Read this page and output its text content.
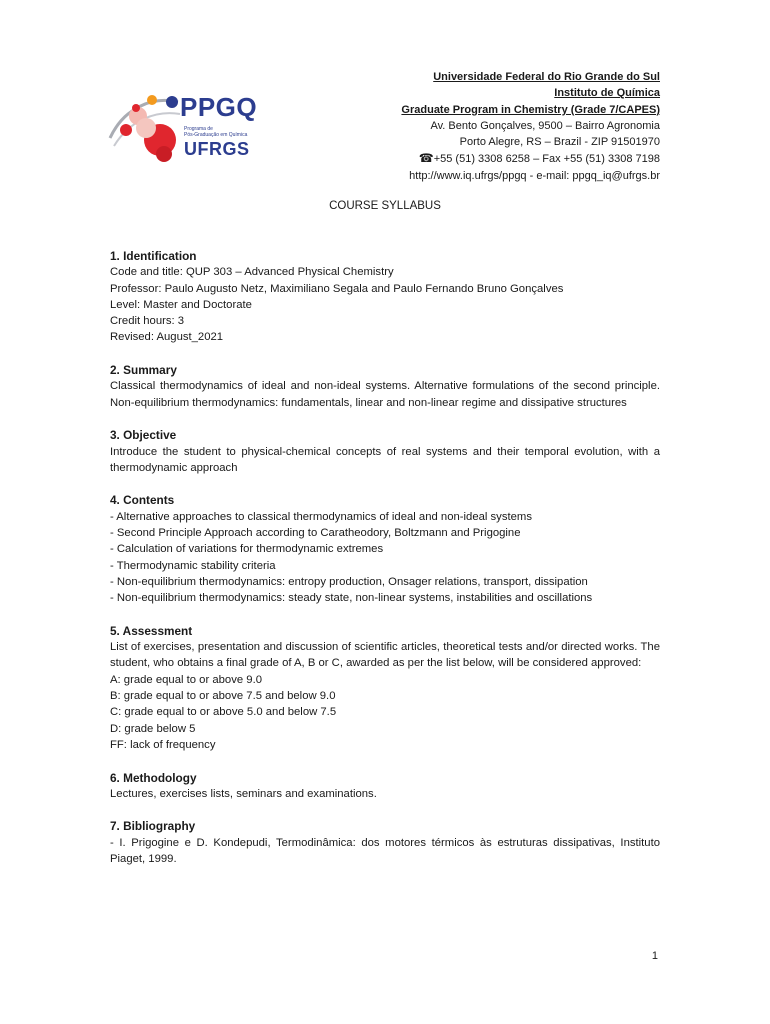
PPGQ
Programa de
Pós-Graduação em Química
UFRGS
Universidade Federal do Rio Grande do Sul
Instituto de Química
Graduate Program in Chemistry (Grade 7/CAPES)
Av. Bento Gonçalves, 9500 – Bairro Agronomia
Porto Alegre, RS – Brazil - ZIP 91501970
☎+55 (51) 3308 6258 – Fax +55 (51) 3308 7198
http://www.iq.ufrgs/ppgq - e-mail: ppgq_iq@ufrgs.br
COURSE SYLLABUS
1. Identification
Code and title: QUP 303 – Advanced Physical Chemistry
Professor: Paulo Augusto Netz, Maximiliano Segala and Paulo Fernando Bruno Gonçalves
Level: Master and Doctorate
Credit hours: 3
Revised: August_2021
2. Summary

Classical thermodynamics of ideal and non-ideal systems. Alternative formulations of the second principle. Non-equilibrium thermodynamics: fundamentals, linear and non-linear regime and dissipative structures

3. Objective

Introduce the student to physical-chemical concepts of real systems and their temporal evolution, with a thermodynamic approach

4. Contents
- Alternative approaches to classical thermodynamics of ideal and non-ideal systems
- Second Principle Approach according to Caratheodory, Boltzmann and Prigogine
- Calculation of variations for thermodynamic extremes
- Thermodynamic stability criteria

- Non-equilibrium thermodynamics: entropy production, Onsager relations, transport, dissipation

- Non-equilibrium thermodynamics: steady state, non-linear systems, instabilities and oscillations

5. Assessment

List of exercises, presentation and discussion of scientific articles, theoretical tests and/or directed works. The student, who obtains a final grade of A, B or C, awarded as per the list below, will be considered approved:

A: grade equal to or above 9.0
B: grade equal to or above 7.5 and below 9.0
C: grade equal to or above 5.0 and below 7.5
D: grade below 5
FF: lack of frequency
6. Methodology

Lectures, exercises lists, seminars and examinations.

7. Bibliography

- I. Prigogine e D. Kondepudi, Termodinâmica: dos motores térmicos às estruturas dissipativas, Instituto Piaget, 1999.

1
